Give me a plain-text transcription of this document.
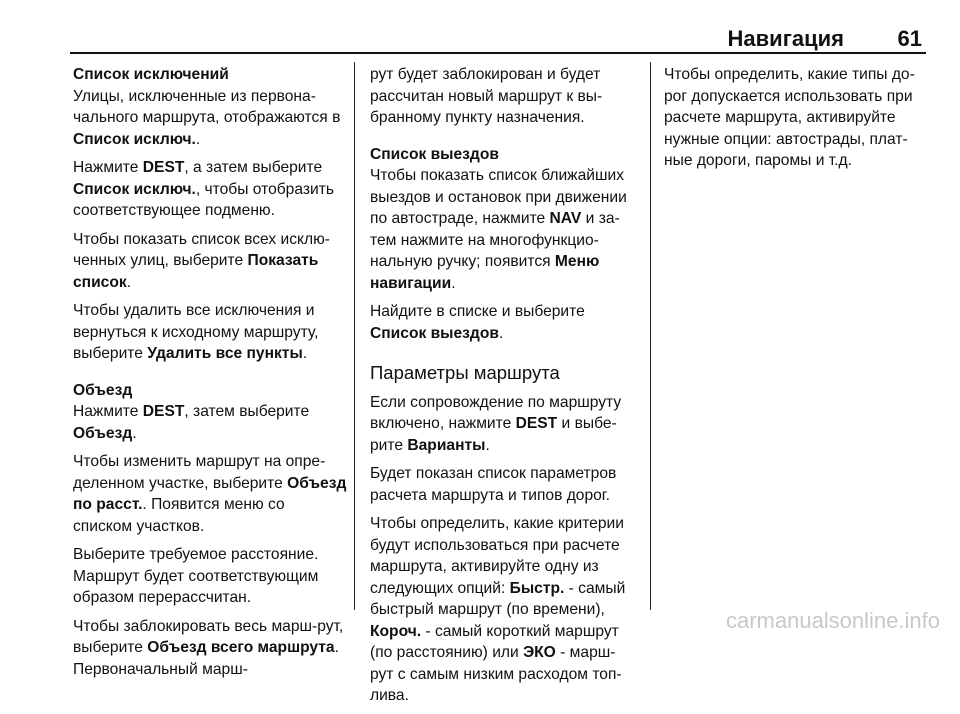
Навигация 61

Список исключений

Улицы, исключенные из первона-чального маршрута, отображаются в Список исключ..

Нажмите DEST, а затем выберите Список исключ., чтобы отобразить соответствующее подменю.

Чтобы показать список всех исклю-ченных улиц, выберите Показать список.

Чтобы удалить все исключения и вернуться к исходному маршруту, выберите Удалить все пункты.

Объезд

Нажмите DEST, затем выберите Объезд.

Чтобы изменить маршрут на опре-деленном участке, выберите Объезд по расст.. Появится меню со списком участков.

Выберите требуемое расстояние. Маршрут будет соответствующим образом перерассчитан.

Чтобы заблокировать весь марш-рут, выберите Объезд всего маршрута. Первоначальный марш-

рут будет заблокирован и будет рассчитан новый маршрут к вы-бранному пункту назначения.

Список выездов

Чтобы показать список ближайших выездов и остановок при движении по автостраде, нажмите NAV и за-тем нажмите на многофункцио-нальную ручку; появится Меню навигации.

Найдите в списке и выберите Список выездов.

Параметры маршрута

Если сопровождение по маршруту включено, нажмите DEST и выбе-рите Варианты.

Будет показан список параметров расчета маршрута и типов дорог.

Чтобы определить, какие критерии будут использоваться при расчете маршрута, активируйте одну из следующих опций: Быстр. - самый быстрый маршрут (по времени), Короч. - самый короткий маршрут (по расстоянию) или ЭКО - марш-рут с самым низким расходом топ-лива.

Чтобы определить, какие типы до-рог допускается использовать при расчете маршрута, активируйте нужные опции: автострады, плат-ные дороги, паромы и т.д.

carmanualsonline.info
